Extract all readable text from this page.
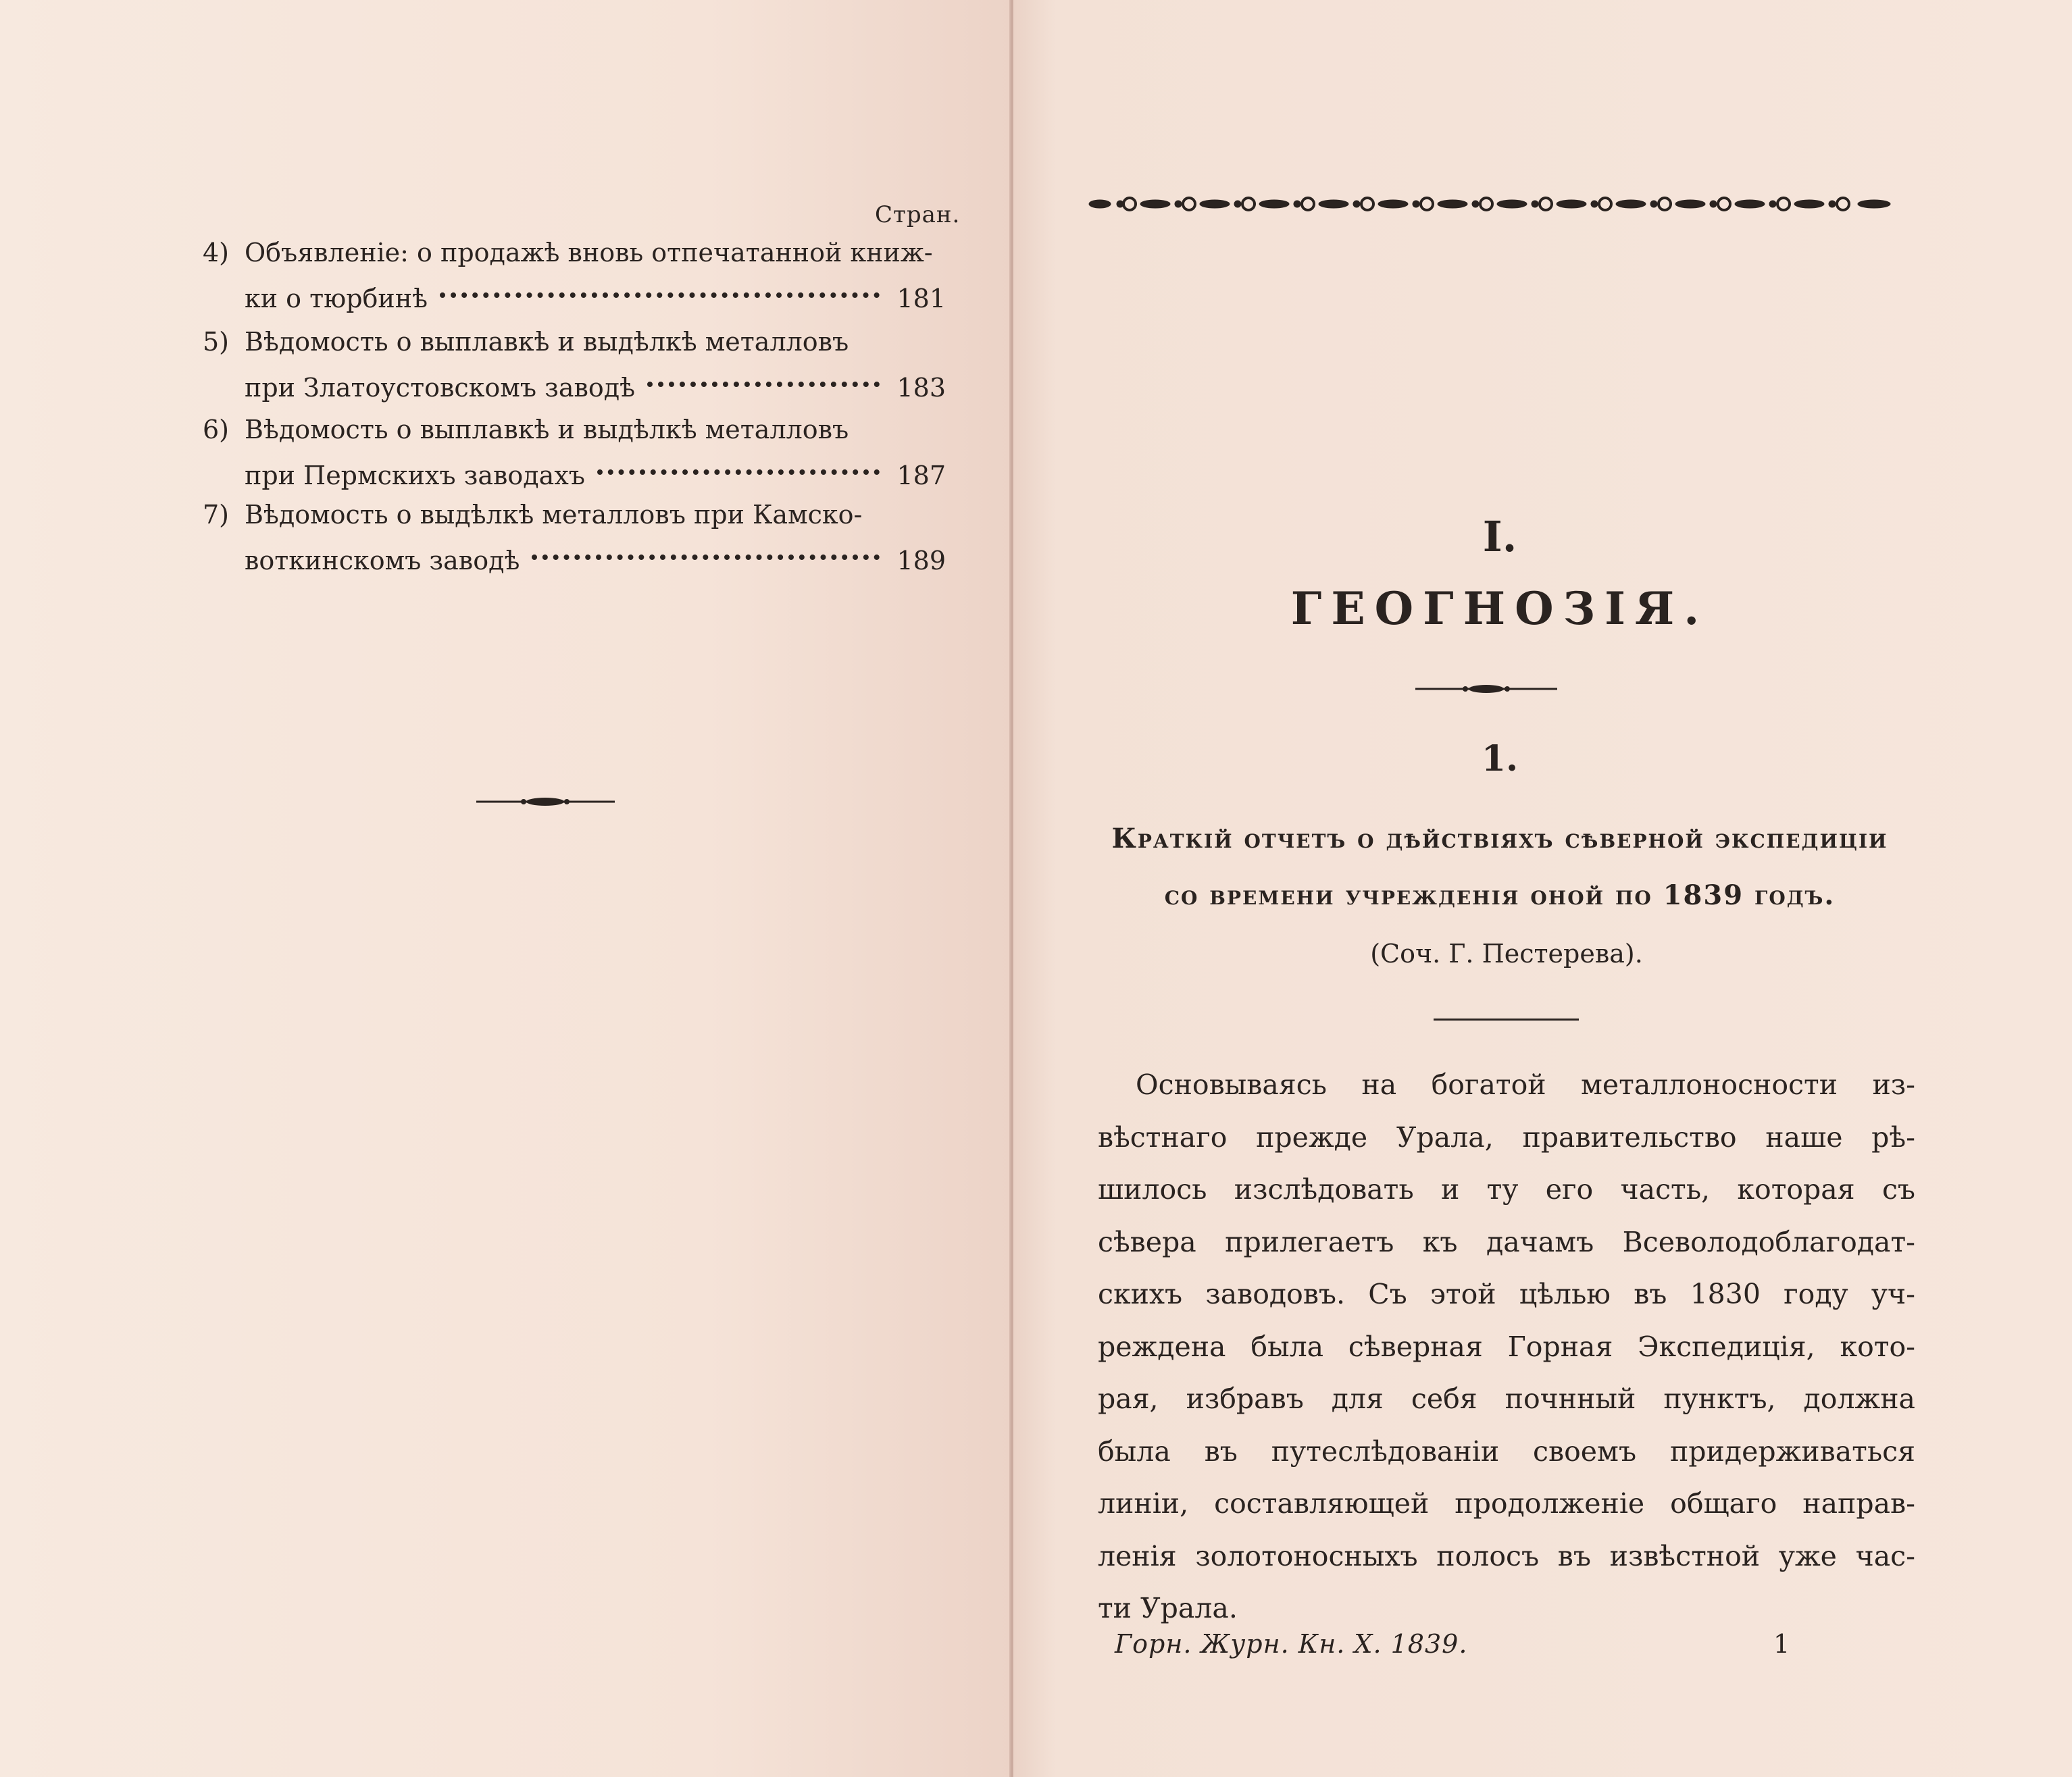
Стран.
4) Объявленіе: о продажѣ вновь отпечатанной книж-
ки о тюрбинѣ	181
5) Вѣдомость о выплавкѣ и выдѣлкѣ металловъ
при Златоустовскомъ заводѣ	183
6) Вѣдомость о выплавкѣ и выдѣлкѣ металловъ
при Пермскихъ заводахъ	187
7) Вѣдомость о выдѣлкѣ металловъ при Камско-
воткинскомъ заводѣ	189	I.
ГЕОГНОЗІЯ.
1.
Краткій отчетъ о дѣйствіяхъ сѣверной экспедиціи
со времени учрежденія оной по 1839 годъ.
(Соч. Г. Пестерева).
Основываясь на богатой металлоносности из-
вѣстнаго прежде Урала, правительство наше рѣ-
шилось изслѣдовать и ту его часть, которая съ
сѣвера прилегаетъ къ дачамъ Всеволодоблагодат-
скихъ заводовъ. Съ этой цѣлью въ 1830 году уч-
реждена была сѣверная Горная Экспедиція, кото-
рая, избравъ для себя почнный пунктъ, должна
была въ путеслѣдованіи своемъ придерживаться
линіи, составляющей продолженіе общаго направ-
ленія золотоносныхъ полосъ въ извѣстной уже час-
ти Урала.
Горн. Журн. Кн. X. 1839.	1
